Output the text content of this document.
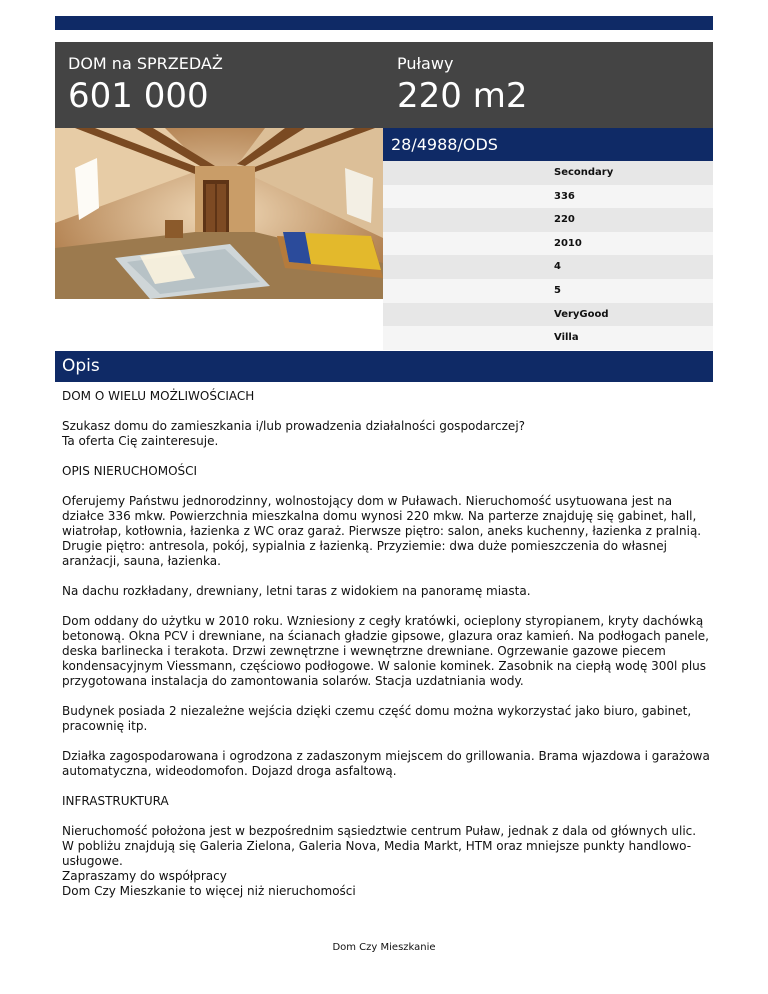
DOM na SPRZEDAŻ
601 000
Puławy
220 m2
28/4988/ODS
Secondary
336
220
2010
4
5
VeryGood
Villa
Opis

DOM O WIELU MOŻLIWOŚCIACH

Szukasz domu do zamieszkania i/lub prowadzenia działalności gospodarczej?
Ta oferta Cię zainteresuje.

OPIS NIERUCHOMOŚCI

Oferujemy Państwu jednorodzinny, wolnostojący dom w Puławach. Nieruchomość usytuowana jest na działce 336 mkw. Powierzchnia mieszkalna domu wynosi 220 mkw. Na parterze znajduję się gabinet, hall, wiatrołap, kotłownia, łazienka z WC oraz garaż. Pierwsze piętro: salon, aneks kuchenny, łazienka z pralnią. Drugie piętro: antresola, pokój, sypialnia z łazienką. Przyziemie: dwa duże pomieszczenia do własnej aranżacji, sauna, łazienka.

Na dachu rozkładany, drewniany, letni taras z widokiem na panoramę miasta.

Dom oddany do użytku w 2010 roku. Wzniesiony z cegły kratówki, ocieplony styropianem, kryty dachówką betonową. Okna PCV i drewniane, na ścianach gładzie gipsowe, glazura oraz kamień. Na podłogach panele, deska barlinecka i terakota. Drzwi zewnętrzne i wewnętrzne drewniane. Ogrzewanie gazowe piecem kondensacyjnym Viessmann, częściowo podłogowe. W salonie kominek. Zasobnik na ciepłą wodę 300l plus przygotowana instalacja do zamontowania solarów. Stacja uzdatniania wody.

Budynek posiada 2 niezależne wejścia dzięki czemu część domu można wykorzystać jako biuro, gabinet, pracownię itp.

Działka zagospodarowana i ogrodzona z zadaszonym miejscem do grillowania. Brama wjazdowa i garażowa automatyczna, wideodomofon. Dojazd droga asfaltową.

INFRASTRUKTURA

Nieruchomość położona jest w bezpośrednim sąsiedztwie centrum Puław, jednak z dala od głównych ulic. W pobliżu znajdują się Galeria Zielona, Galeria Nova, Media Markt, HTM oraz mniejsze punkty handlowo-usługowe.
Zapraszamy do współpracy
Dom Czy Mieszkanie to więcej niż nieruchomości

Dom Czy Mieszkanie
